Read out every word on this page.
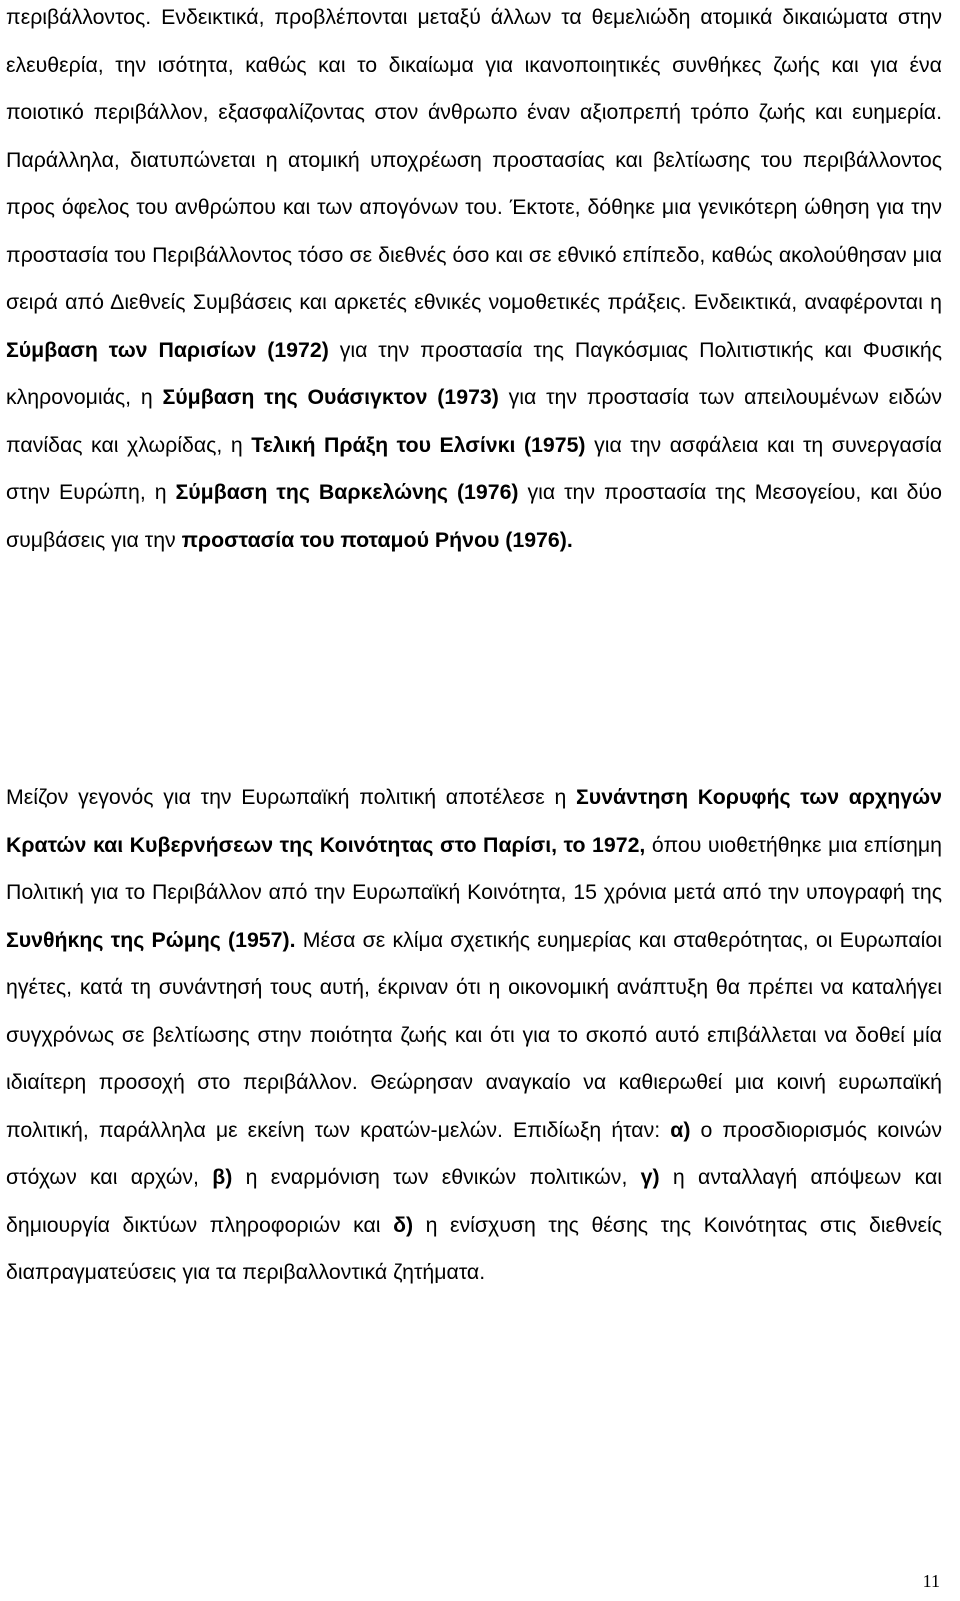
περιβάλλοντος. Ενδεικτικά, προβλέπονται μεταξύ άλλων τα θεμελιώδη ατομικά δικαιώματα στην ελευθερία, την ισότητα, καθώς και το δικαίωμα για ικανοποιητικές συνθήκες ζωής και για ένα ποιοτικό περιβάλλον, εξασφαλίζοντας στον άνθρωπο έναν αξιοπρεπή τρόπο ζωής και ευημερία. Παράλληλα, διατυπώνεται η ατομική υποχρέωση προστασίας και βελτίωσης του περιβάλλοντος προς όφελος του ανθρώπου και των απογόνων του. Έκτοτε, δόθηκε μια γενικότερη ώθηση για την προστασία του Περιβάλλοντος τόσο σε διεθνές όσο και σε εθνικό επίπεδο, καθώς ακολούθησαν μια σειρά από Διεθνείς Συμβάσεις και αρκετές εθνικές νομοθετικές πράξεις. Ενδεικτικά, αναφέρονται η Σύμβαση των Παρισίων (1972) για την προστασία της Παγκόσμιας Πολιτιστικής και Φυσικής κληρονομιάς, η Σύμβαση της Ουάσιγκτον (1973) για την προστασία των απειλουμένων ειδών πανίδας και χλωρίδας, η Τελική Πράξη του Ελσίνκι (1975) για την ασφάλεια και τη συνεργασία στην Ευρώπη, η Σύμβαση της Βαρκελώνης (1976) για την προστασία της Μεσογείου, και δύο συμβάσεις για την προστασία του ποταμού Ρήνου (1976).

Μείζον γεγονός για την Ευρωπαϊκή πολιτική αποτέλεσε η Συνάντηση Κορυφής των αρχηγών Κρατών και Κυβερνήσεων της Κοινότητας στο Παρίσι, το 1972, όπου υιοθετήθηκε μια επίσημη Πολιτική για το Περιβάλλον από την Ευρωπαϊκή Κοινότητα, 15 χρόνια μετά από την υπογραφή της Συνθήκης της Ρώμης (1957). Μέσα σε κλίμα σχετικής ευημερίας και σταθερότητας, οι Ευρωπαίοι ηγέτες, κατά τη συνάντησή τους αυτή, έκριναν ότι η οικονομική ανάπτυξη θα πρέπει να καταλήγει συγχρόνως σε βελτίωσης στην ποιότητα ζωής και ότι για το σκοπό αυτό επιβάλλεται να δοθεί μία ιδιαίτερη προσοχή στο περιβάλλον. Θεώρησαν αναγκαίο να καθιερωθεί μια κοινή ευρωπαϊκή πολιτική, παράλληλα με εκείνη των κρατών-μελών. Επιδίωξη ήταν: α) ο προσδιορισμός κοινών στόχων και αρχών, β) η εναρμόνιση των εθνικών πολιτικών, γ) η ανταλλαγή απόψεων και δημιουργία δικτύων πληροφοριών και δ) η ενίσχυση της θέσης της Κοινότητας στις διεθνείς διαπραγματεύσεις για τα περιβαλλοντικά ζητήματα.

11
